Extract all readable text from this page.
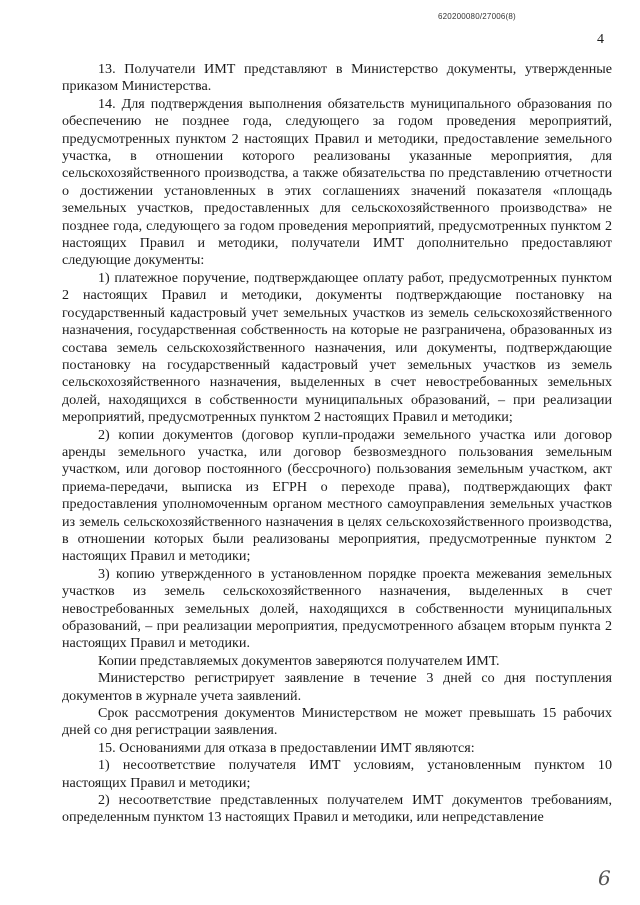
620200080/27006(8)
4

13. Получатели ИМТ представляют в Министерство документы, утвержденные приказом Министерства.

14. Для подтверждения выполнения обязательств муниципального образования по обеспечению не позднее года, следующего за годом проведения мероприятий, предусмотренных пунктом 2 настоящих Правил и методики, предоставление земельного участка, в отношении которого реализованы указанные мероприятия, для сельскохозяйственного производства, а также обязательства по представлению отчетности о достижении установленных в этих соглашениях значений показателя «площадь земельных участков, предоставленных для сельскохозяйственного производства» не позднее года, следующего за годом проведения мероприятий, предусмотренных пунктом 2 настоящих Правил и методики, получатели ИМТ дополнительно предоставляют следующие документы:

1) платежное поручение, подтверждающее оплату работ, предусмотренных пунктом 2 настоящих Правил и методики, документы подтверждающие постановку на государственный кадастровый учет земельных участков из земель сельскохозяйственного назначения, государственная собственность на которые не разграничена, образованных из состава земель сельскохозяйственного назначения, или документы, подтверждающие постановку на государственный кадастровый учет земельных участков из земель сельскохозяйственного назначения, выделенных в счет невостребованных земельных долей, находящихся в собственности муниципальных образований, – при реализации мероприятий, предусмотренных пунктом 2 настоящих Правил и методики;

2) копии документов (договор купли-продажи земельного участка или договор аренды земельного участка, или договор безвозмездного пользования земельным участком, или договор постоянного (бессрочного) пользования земельным участком, акт приема-передачи, выписка из ЕГРН о переходе права), подтверждающих факт предоставления уполномоченным органом местного самоуправления земельных участков из земель сельскохозяйственного назначения в целях сельскохозяйственного производства, в отношении которых были реализованы мероприятия, предусмотренные пунктом 2 настоящих Правил и методики;

3) копию утвержденного в установленном порядке проекта межевания земельных участков из земель сельскохозяйственного назначения, выделенных в счет невостребованных земельных долей, находящихся в собственности муниципальных образований, – при реализации мероприятия, предусмотренного абзацем вторым пункта 2 настоящих Правил и методики.

Копии представляемых документов заверяются получателем ИМТ.

Министерство регистрирует заявление в течение 3 дней со дня поступления документов в журнале учета заявлений.

Срок рассмотрения документов Министерством не может превышать 15 рабочих дней со дня регистрации заявления.

15. Основаниями для отказа в предоставлении ИМТ являются:

1) несоответствие получателя ИМТ условиям, установленным пунктом 10 настоящих Правил и методики;

2) несоответствие представленных получателем ИМТ документов требованиям, определенным пунктом 13 настоящих Правил и методики, или непредставление

6
